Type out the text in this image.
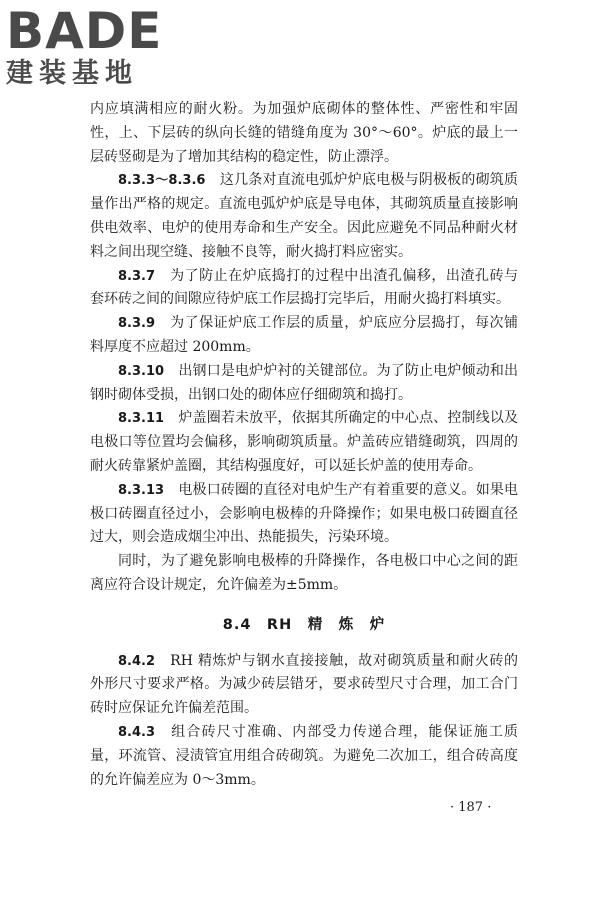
BADE
建装基地

内应填满相应的耐火粉。为加强炉底砌体的整体性、严密性和牢固性，上、下层砖的纵向长缝的错缝角度为 30°～60°。炉底的最上一层砖竖砌是为了增加其结构的稳定性，防止漂浮。

8.3.3～8.3.6　 这几条对直流电弧炉炉底电极与阴极板的砌筑质量作出严格的规定。直流电弧炉炉底是导电体，其砌筑质量直接影响供电效率、电炉的使用寿命和生产安全。因此应避免不同品种耐火材料之间出现空缝、接触不良等，耐火捣打料应密实。

8.3.7　 为了防止在炉底捣打的过程中出渣孔偏移，出渣孔砖与套环砖之间的间隙应待炉底工作层捣打完毕后，用耐火捣打料填实。

8.3.9　 为了保证炉底工作层的质量，炉底应分层捣打，每次铺料厚度不应超过 200mm。

8.3.10　 出钢口是电炉炉衬的关键部位。为了防止电炉倾动和出钢时砌体受损，出钢口处的砌体应仔细砌筑和捣打。

8.3.11　 炉盖圈若未放平，依据其所确定的中心点、控制线以及电极口等位置均会偏移，影响砌筑质量。炉盖砖应错缝砌筑，四周的耐火砖靠紧炉盖圈，其结构强度好，可以延长炉盖的使用寿命。

8.3.13　 电极口砖圈的直径对电炉生产有着重要的意义。如果电极口砖圈直径过小，会影响电极棒的升降操作；如果电极口砖圈直径过大，则会造成烟尘冲出、热能损失，污染环境。

同时，为了避免影响电极棒的升降操作，各电极口中心之间的距离应符合设计规定，允许偏差为±5mm。

8.4　RH　精　炼　炉

8.4.2　 RH 精炼炉与钢水直接接触，故对砌筑质量和耐火砖的外形尺寸要求严格。为减少砖层错牙，要求砖型尺寸合理，加工合门砖时应保证允许偏差范围。

8.4.3　 组合砖尺寸准确、内部受力传递合理，能保证施工质量，环流管、浸渍管宜用组合砖砌筑。为避免二次加工，组合砖高度的允许偏差应为 0～3mm。

· 187 ·
